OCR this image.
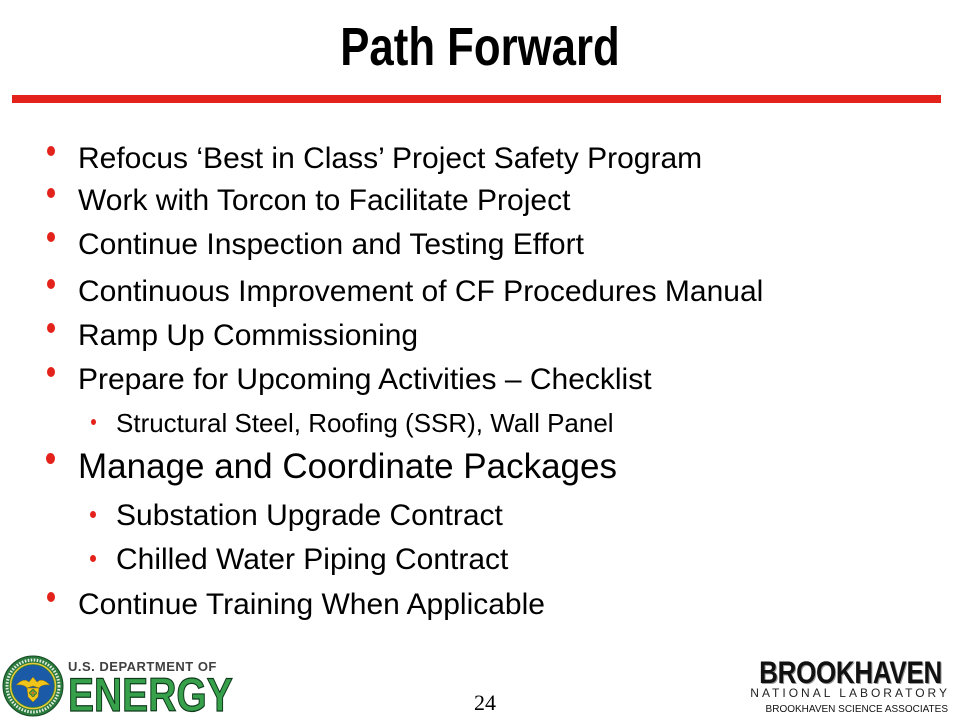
Path Forward
Refocus ‘Best in Class’ Project Safety Program
Work with Torcon to Facilitate Project
Continue Inspection and Testing Effort
Continuous Improvement of CF Procedures Manual
Ramp Up Commissioning
Prepare for Upcoming Activities – Checklist
Structural Steel, Roofing (SSR), Wall Panel
Manage and Coordinate Packages
Substation Upgrade Contract
Chilled Water Piping Contract
Continue Training When Applicable
U.S. DEPARTMENT OF
ENERGY	24
BROOKHAVEN
NATIONAL LABORATORY
BROOKHAVEN SCIENCE ASSOCIATES
